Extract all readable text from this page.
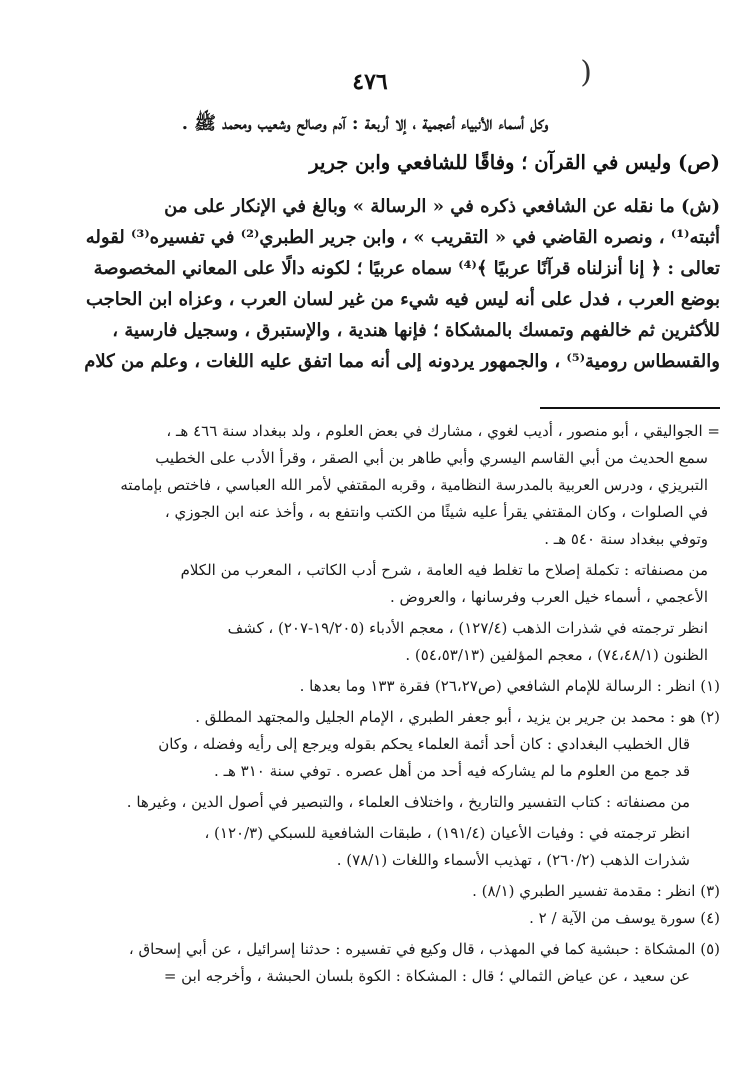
(
٤٧٦
وكل أسماء الأنبياء أعجمية ، إلا أربعة : آدم وصالح وشعيب ومحمد ﷺ .
(ص) وليس في القرآن ؛ وفاقًا للشافعي وابن جرير
(ش) ما نقله عن الشافعي ذكره في « الرسالة » وبالغ في الإنكار على من
أثبته⁽¹⁾ ، ونصره القاضي في « التقريب » ، وابن جرير الطبري⁽²⁾ في تفسيره⁽³⁾ لقوله
تعالى : ﴿ إنا أنزلناه قرآنًا عربيًا ﴾⁽⁴⁾ سماه عربيًا ؛ لكونه دالًا على المعاني المخصوصة
بوضع العرب ، فدل على أنه ليس فيه شيء من غير لسان العرب ، وعزاه ابن الحاجب
للأكثرين ثم خالفهم وتمسك بالمشكاة ؛ فإنها هندية ، والإستبرق ، وسجيل فارسية ،
والقسطاس رومية⁽⁵⁾ ، والجمهور يردونه إلى أنه مما اتفق عليه اللغات ، وعلم من كلام
= الجواليقي ، أبو منصور ، أديب لغوي ، مشارك في بعض العلوم ، ولد ببغداد سنة ٤٦٦ هـ ،
سمع الحديث من أبي القاسم اليسري وأبي طاهر بن أبي الصقر ، وقرأ الأدب على الخطيب
التبريزي ، ودرس العربية بالمدرسة النظامية ، وقربه المقتفي لأمر الله العباسي ، فاختص بإمامته
في الصلوات ، وكان المقتفي يقرأ عليه شيئًا من الكتب وانتفع به ، وأخذ عنه ابن الجوزي ،
وتوفي ببغداد سنة ٥٤٠ هـ .
من مصنفاته : تكملة إصلاح ما تغلط فيه العامة ، شرح أدب الكاتب ، المعرب من الكلام
الأعجمي ، أسماء خيل العرب وفرسانها ، والعروض .
انظر ترجمته في شذرات الذهب (١٢٧/٤) ، معجم الأدباء (١٩/٢٠٥-٢٠٧) ، كشف
الظنون (٧٤،٤٨/١) ، معجم المؤلفين (٥٤،٥٣/١٣) .
(١) انظر : الرسالة للإمام الشافعي (ص٢٦،٢٧) فقرة ١٣٣ وما بعدها .
(٢) هو : محمد بن جرير بن يزيد ، أبو جعفر الطبري ، الإمام الجليل والمجتهد المطلق .
قال الخطيب البغدادي : كان أحد أئمة العلماء يحكم بقوله ويرجع إلى رأيه وفضله ، وكان
قد جمع من العلوم ما لم يشاركه فيه أحد من أهل عصره . توفي سنة ٣١٠ هـ .
من مصنفاته : كتاب التفسير والتاريخ ، واختلاف العلماء ، والتبصير في أصول الدين ، وغيرها .
انظر ترجمته في : وفيات الأعيان (١٩١/٤) ، طبقات الشافعية للسبكي (١٢٠/٣) ،
شذرات الذهب (٢٦٠/٢) ، تهذيب الأسماء واللغات (٧٨/١) .
(٣) انظر : مقدمة تفسير الطبري (٨/١) .
(٤) سورة يوسف من الآية / ٢ .
(٥) المشكاة : حبشية كما في المهذب ، قال وكيع في تفسيره : حدثنا إسرائيل ، عن أبي إسحاق ،
عن سعيد ، عن عياض الثمالي ؛ قال : المشكاة : الكوة بلسان الحبشة ، وأخرجه ابن =
